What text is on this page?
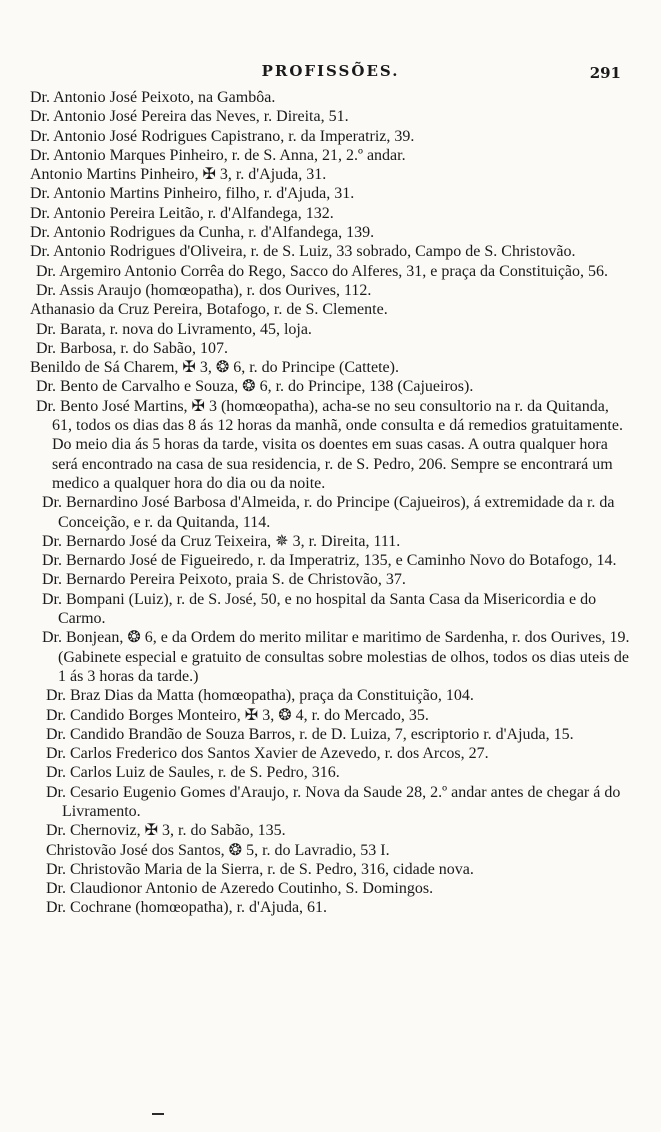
PROFISSÕES.	291

Dr. Antonio José Peixoto, na Gambôa.

Dr. Antonio José Pereira das Neves, r. Direita, 51.

Dr. Antonio José Rodrigues Capistrano, r. da Imperatriz, 39.

Dr. Antonio Marques Pinheiro, r. de S. Anna, 21, 2.º andar.

Antonio Martins Pinheiro, ✠ 3, r. d'Ajuda, 31.

Dr. Antonio Martins Pinheiro, filho, r. d'Ajuda, 31.

Dr. Antonio Pereira Leitão, r. d'Alfandega, 132.

Dr. Antonio Rodrigues da Cunha, r. d'Alfandega, 139.

Dr. Antonio Rodrigues d'Oliveira, r. de S. Luiz, 33 sobrado, Campo de S. Christovão.

Dr. Argemiro Antonio Corrêa do Rego, Sacco do Alferes, 31, e praça da Constituição, 56.

Dr. Assis Araujo (homœopatha), r. dos Ourives, 112.

Athanasio da Cruz Pereira, Botafogo, r. de S. Clemente.

Dr. Barata, r. nova do Livramento, 45, loja.

Dr. Barbosa, r. do Sabão, 107.

Benildo de Sá Charem, ✠ 3, ❂ 6, r. do Principe (Cattete).

Dr. Bento de Carvalho e Souza, ❂ 6, r. do Principe, 138 (Cajueiros).

Dr. Bento José Martins, ✠ 3 (homœopatha), acha-se no seu consultorio na r. da Quitanda, 61, todos os dias das 8 ás 12 horas da manhã, onde consulta e dá remedios gratuitamente. Do meio dia ás 5 horas da tarde, visita os doentes em suas casas. A outra qualquer hora será encontrado na casa de sua residencia, r. de S. Pedro, 206. Sempre se encontrará um medico a qualquer hora do dia ou da noite.

Dr. Bernardino José Barbosa d'Almeida, r. do Principe (Cajueiros), á extremidade da r. da Conceição, e r. da Quitanda, 114.

Dr. Bernardo José da Cruz Teixeira, ✵ 3, r. Direita, 111.

Dr. Bernardo José de Figueiredo, r. da Imperatriz, 135, e Caminho Novo do Botafogo, 14.

Dr. Bernardo Pereira Peixoto, praia S. de Christovão, 37.

Dr. Bompani (Luiz), r. de S. José, 50, e no hospital da Santa Casa da Misericordia e do Carmo.

Dr. Bonjean, ❂ 6, e da Ordem do merito militar e maritimo de Sardenha, r. dos Ourives, 19. (Gabinete especial e gratuito de consultas sobre molestias de olhos, todos os dias uteis de 1 ás 3 horas da tarde.)

Dr. Braz Dias da Matta (homœopatha), praça da Constituição, 104.

Dr. Candido Borges Monteiro, ✠ 3, ❂ 4, r. do Mercado, 35.

Dr. Candido Brandão de Souza Barros, r. de D. Luiza, 7, escriptorio r. d'Ajuda, 15.

Dr. Carlos Frederico dos Santos Xavier de Azevedo, r. dos Arcos, 27.

Dr. Carlos Luiz de Saules, r. de S. Pedro, 316.

Dr. Cesario Eugenio Gomes d'Araujo, r. Nova da Saude 28, 2.º andar antes de chegar á do Livramento.

Dr. Chernoviz, ✠ 3, r. do Sabão, 135.

Christovão José dos Santos, ❂ 5, r. do Lavradio, 53 I.

Dr. Christovão Maria de la Sierra, r. de S. Pedro, 316, cidade nova.

Dr. Claudionor Antonio de Azeredo Coutinho, S. Domingos.

Dr. Cochrane (homœopatha), r. d'Ajuda, 61.
